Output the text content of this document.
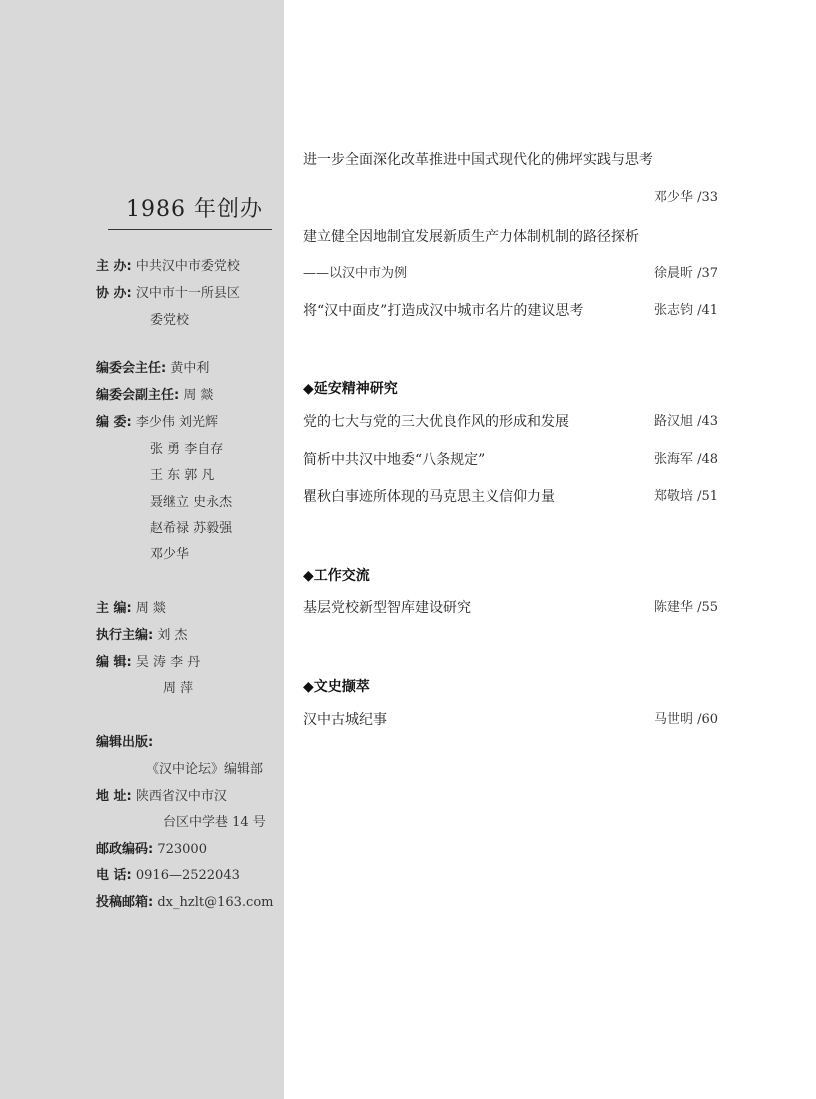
1986 年创办
主 办: 中共汉中市委党校
协 办: 汉中市十一所县区
委党校
编委会主任: 黄中利
编委会副主任: 周 燚
编 委: 李少伟 刘光辉
张 勇 李自存
王 东 郭 凡
聂继立 史永杰
赵希禄 苏毅强
邓少华
主 编: 周 燚
执行主编: 刘 杰
编 辑: 吴 涛 李 丹
周 萍
编辑出版:
《汉中论坛》编辑部
地 址: 陕西省汉中市汉
台区中学巷 14 号
邮政编码: 723000
电 话: 0916—2522043
投稿邮箱: dx_hzlt@163.com
进一步全面深化改革推进中国式现代化的佛坪实践与思考
邓少华 /33
建立健全因地制宜发展新质生产力体制机制的路径探析
——以汉中市为例	徐晨昕 /37
将“汉中面皮”打造成汉中城市名片的建议思考	张志钧 /41
◆延安精神研究
党的七大与党的三大优良作风的形成和发展	路汉旭 /43
简析中共汉中地委“八条规定”	张海军 /48
瞿秋白事迹所体现的马克思主义信仰力量	郑敬培 /51
◆工作交流
基层党校新型智库建设研究	陈建华 /55
◆文史撷萃
汉中古城纪事	马世明 /60
